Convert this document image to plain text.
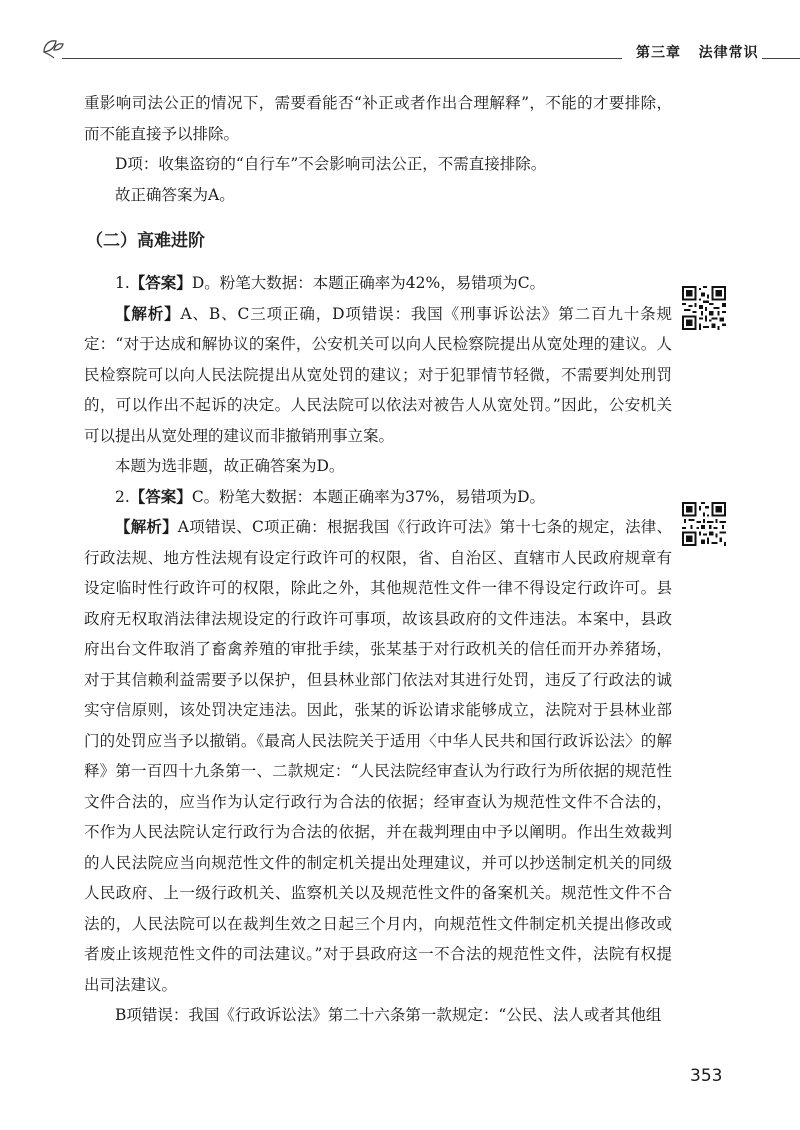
第三章 法律常识

重影响司法公正的情况下，需要看能否“补正或者作出合理解释”，不能的才要排除，而不能直接予以排除。

D项：收集盗窃的“自行车”不会影响司法公正，不需直接排除。

故正确答案为A。

（二）高难进阶

1.【答案】D。粉笔大数据：本题正确率为42%，易错项为C。

【解析】A、B、C三项正确，D项错误：我国《刑事诉讼法》第二百九十条规定：“对于达成和解协议的案件，公安机关可以向人民检察院提出从宽处理的建议。人民检察院可以向人民法院提出从宽处罚的建议；对于犯罪情节轻微，不需要判处刑罚的，可以作出不起诉的决定。人民法院可以依法对被告人从宽处罚。”因此，公安机关可以提出从宽处理的建议而非撤销刑事立案。

本题为选非题，故正确答案为D。

2.【答案】C。粉笔大数据：本题正确率为37%，易错项为D。

【解析】A项错误、C项正确：根据我国《行政许可法》第十七条的规定，法律、行政法规、地方性法规有设定行政许可的权限，省、自治区、直辖市人民政府规章有设定临时性行政许可的权限，除此之外，其他规范性文件一律不得设定行政许可。县政府无权取消法律法规设定的行政许可事项，故该县政府的文件违法。本案中，县政府出台文件取消了畜禽养殖的审批手续，张某基于对行政机关的信任而开办养猪场，对于其信赖利益需要予以保护，但县林业部门依法对其进行处罚，违反了行政法的诚实守信原则，该处罚决定违法。因此，张某的诉讼请求能够成立，法院对于县林业部门的处罚应当予以撤销。《最高人民法院关于适用〈中华人民共和国行政诉讼法〉的解释》第一百四十九条第一、二款规定：“人民法院经审查认为行政行为所依据的规范性文件合法的，应当作为认定行政行为合法的依据；经审查认为规范性文件不合法的，不作为人民法院认定行政行为合法的依据，并在裁判理由中予以阐明。作出生效裁判的人民法院应当向规范性文件的制定机关提出处理建议，并可以抄送制定机关的同级人民政府、上一级行政机关、监察机关以及规范性文件的备案机关。规范性文件不合法的，人民法院可以在裁判生效之日起三个月内，向规范性文件制定机关提出修改或者废止该规范性文件的司法建议。”对于县政府这一不合法的规范性文件，法院有权提出司法建议。

B项错误：我国《行政诉讼法》第二十六条第一款规定：“公民、法人或者其他组

353
